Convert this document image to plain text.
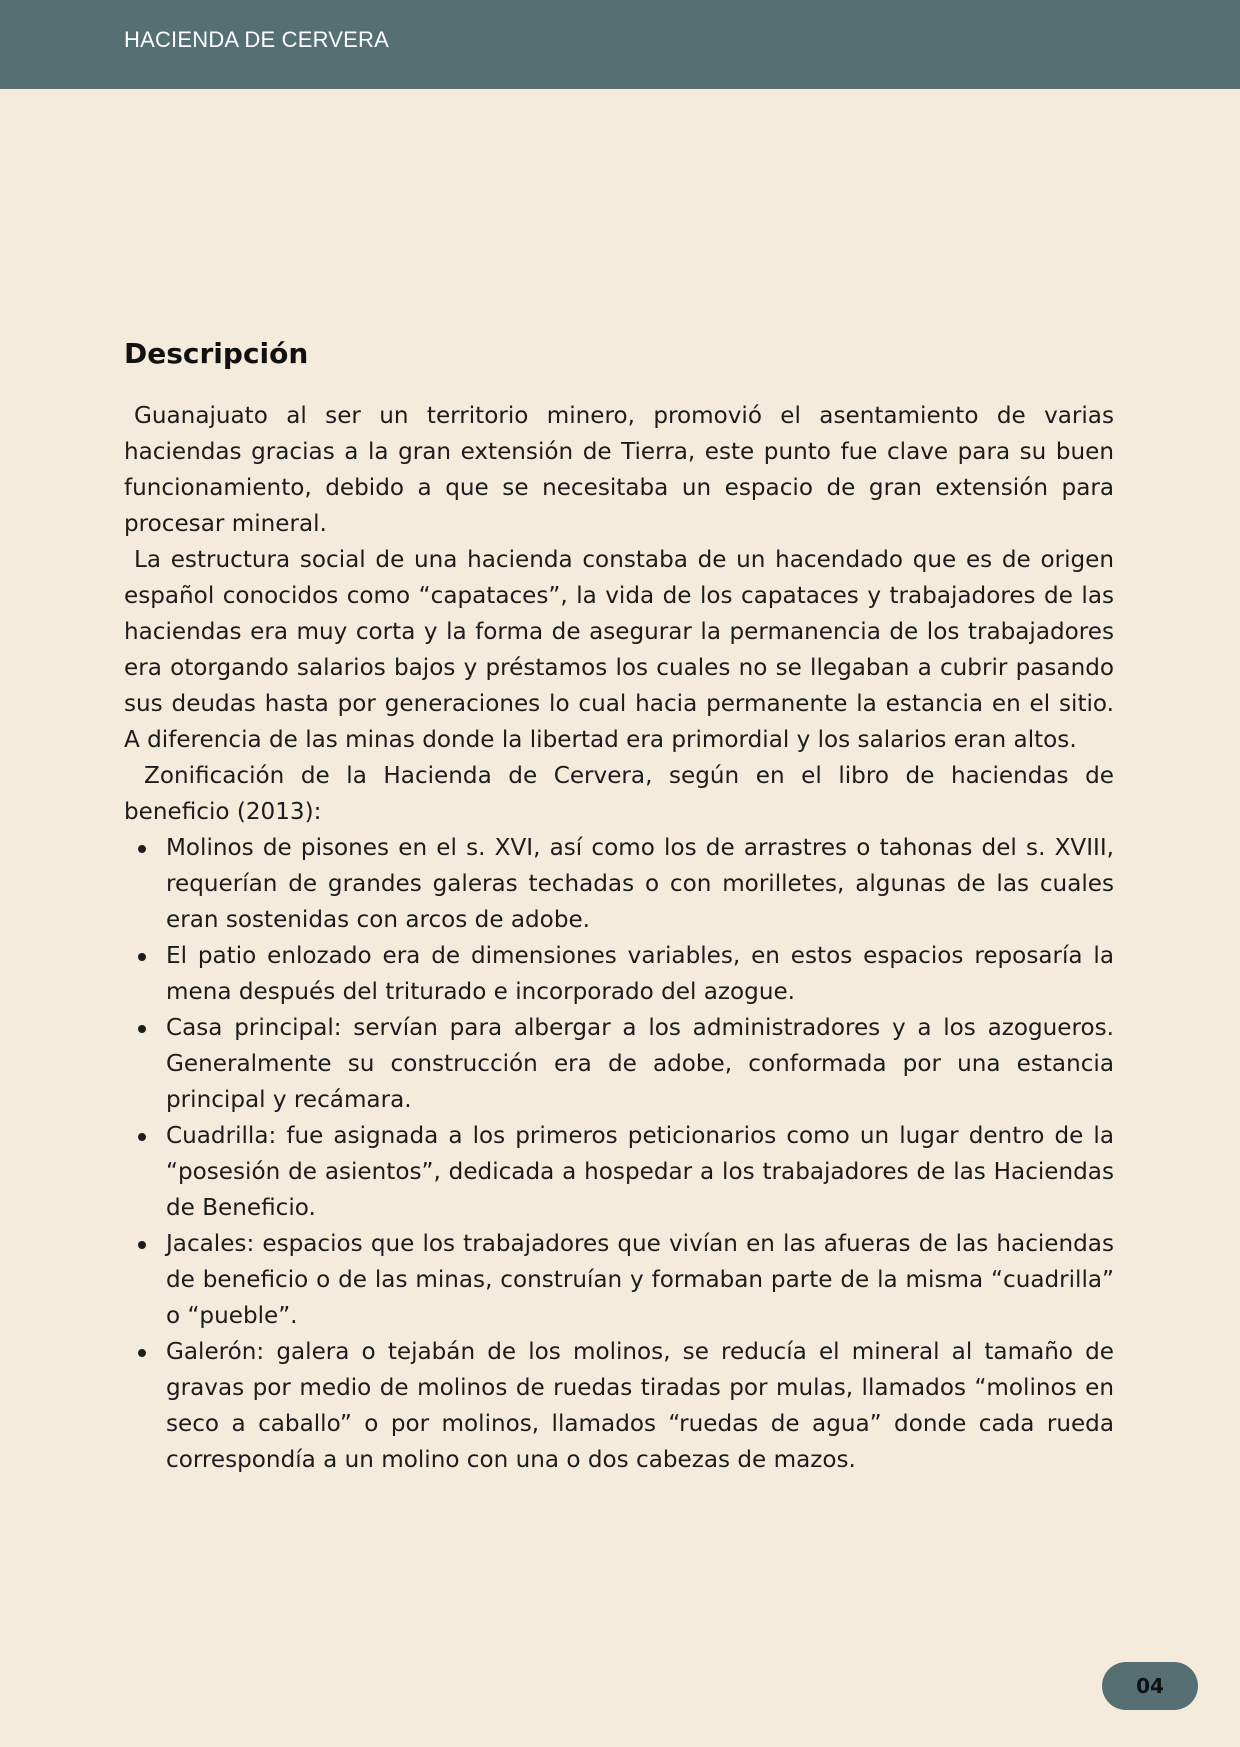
HACIENDA DE CERVERA
Descripción

Guanajuato al ser un territorio minero, promovió el asentamiento de varias haciendas gracias a la gran extensión de Tierra, este punto fue clave para su buen funcionamiento, debido a que se necesitaba un espacio de gran extensión para procesar mineral.

La estructura social de una hacienda constaba de un hacendado que es de origen español conocidos como “capataces”, la vida de los capataces y trabajadores de las haciendas era muy corta y la forma de asegurar la permanencia de los trabajadores era otorgando salarios bajos y préstamos los cuales no se llegaban a cubrir pasando sus deudas hasta por generaciones lo cual hacia permanente la estancia en el sitio. A diferencia de las minas donde la libertad era primordial y los salarios eran altos.

Zonificación de la Hacienda de Cervera, según en el libro de haciendas de beneficio (2013):

Molinos de pisones en el s. XVI, así como los de arrastres o tahonas del s. XVIII, requerían de grandes galeras techadas o con morilletes, algunas de las cuales eran sostenidas con arcos de adobe.
El patio enlozado era de dimensiones variables, en estos espacios reposaría la mena después del triturado e incorporado del azogue.
Casa principal: servían para albergar a los administradores y a los azogueros. Generalmente su construcción era de adobe, conformada por una estancia principal y recámara.
Cuadrilla: fue asignada a los primeros peticionarios como un lugar dentro de la “posesión de asientos”, dedicada a hospedar a los trabajadores de las Haciendas de Beneficio.
Jacales: espacios que los trabajadores que vivían en las afueras de las haciendas de beneficio o de las minas, construían y formaban parte de la misma “cuadrilla” o “pueble”.
Galerón: galera o tejabán de los molinos, se reducía el mineral al tamaño de gravas por medio de molinos de ruedas tiradas por mulas, llamados “molinos en seco a caballo” o por molinos, llamados “ruedas de agua” donde cada rueda correspondía a un molino con una o dos cabezas de mazos.
04
